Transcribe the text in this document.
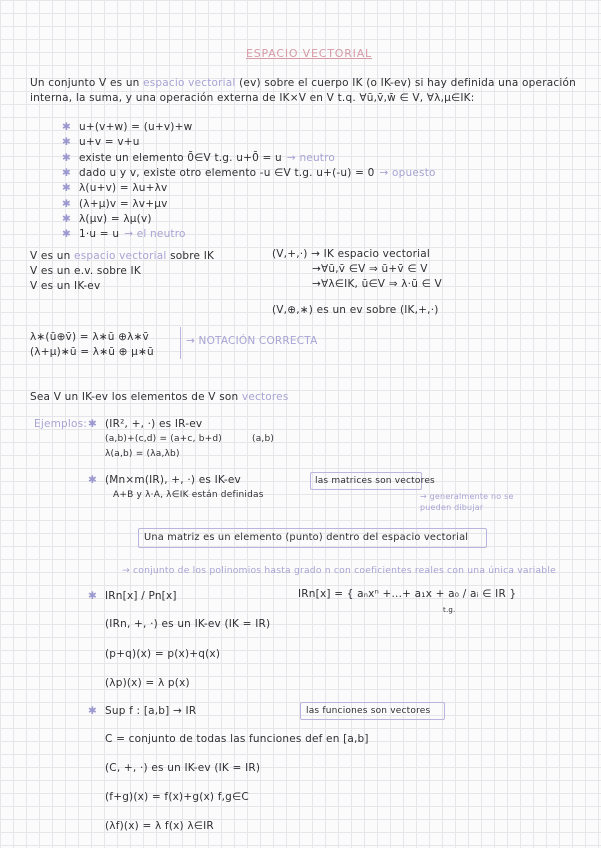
ESPACIO VECTORIAL
Un conjunto V es un espacio vectorial (ev) sobre el cuerpo IK (o IK-ev) si hay definida una operación
interna, la suma, y una operación externa de IK×V en V t.q. ∀ū,v̄,w̄ ∈ V, ∀λ,μ∈IK:
✱ u+(v+w) = (u+v)+w
✱ u+v = v+u
✱ existe un elemento 0̄∈V t.g. u+0̄ = u → neutro
✱ dado u y v, existe otro elemento -u ∈V t.g. u+(-u) = 0 → opuesto
✱ λ(u+v) = λu+λv
✱ (λ+μ)v = λv+μv
✱ λ(μv) = λμ(v)
✱ 1·u = u → el neutro
V es un espacio vectorial sobre IK
V es un e.v. sobre IK
V es un IK-ev
(V,+,·) → IK espacio vectorial
→∀ū,v̄ ∈V ⇒ ū+v̄ ∈ V
→∀λ∈IK, ū∈V ⇒ λ·ū ∈ V
(V,⊕,∗) es un ev sobre (IK,+,·)
λ∗(ū⊕v̄) = λ∗ū ⊕λ∗v̄
(λ+μ)∗ū = λ∗ū ⊕ μ∗ū
→ NOTACIÓN CORRECTA
Sea V un IK-ev los elementos de V son vectores
Ejemplos: ✱ (IR², +, ·) es IR-ev
(a,b)+(c,d) = (a+c, b+d)	(a,b)
λ(a,b) = (λa,λb)
✱ (Mn×m(IR), +, ·) es IK-ev
A+B y λ·A, λ∈IK están definidas
las matrices son vectores
→ generalmente no se pueden dibujar
Una matriz es un elemento (punto) dentro del espacio vectorial
→ conjunto de los polinomios hasta grado n con coeficientes reales con una única variable
✱ IRn[x] / Pn[x]	IRn[x] = { aₙxⁿ +...+ a₁x + a₀ / aᵢ ∈ IR }
t.g.
(IRn, +, ·) es un IK-ev (IK = IR)
(p+q)(x) = p(x)+q(x)
(λp)(x) = λ p(x)
✱ Sup f : [a,b] → IR	las funciones son vectores
C = conjunto de todas las funciones def en [a,b]
(C, +, ·) es un IK-ev (IK = IR)
(f+g)(x) = f(x)+g(x) f,g∈C
(λf)(x) = λ f(x) λ∈IR
